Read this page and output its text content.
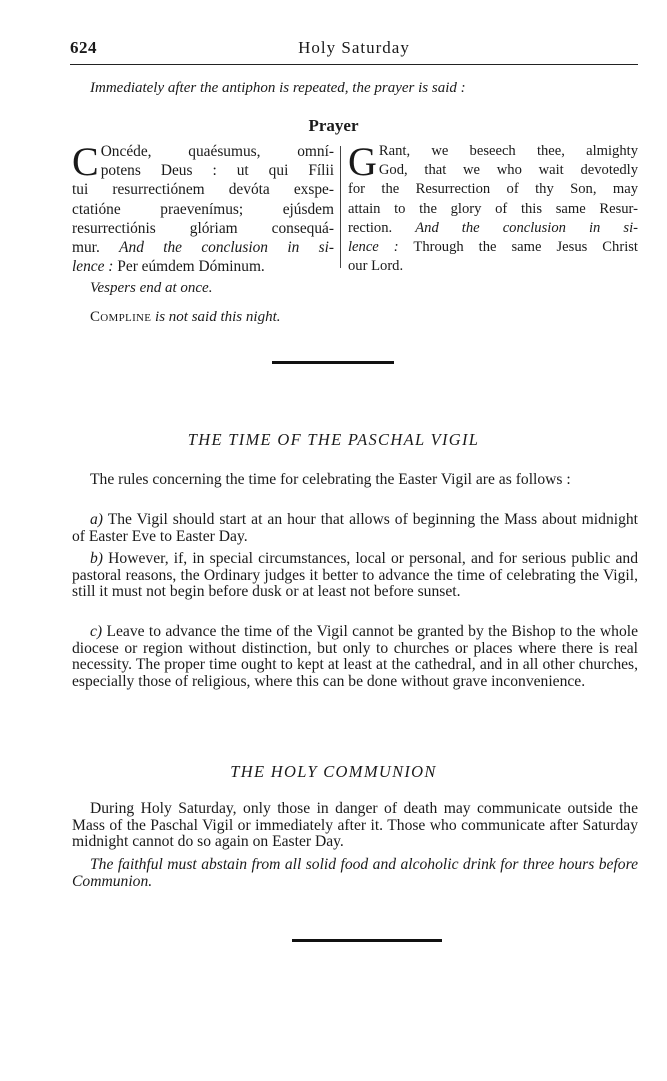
624	Holy Saturday
Immediately after the antiphon is repeated, the prayer is said :
Prayer
C Oncéde, quaésumus, omní-
potens Deus : ut qui Fílii
tui resurrectiónem devóta exspe-
ctatióne praevenímus; ejúsdem
resurrectiónis glóriam consequá-
mur. And the conclusion in si-
lence : Per eúmdem Dóminum.
G Rant, we beseech thee, almighty
God, that we who wait devotedly
for the Resurrection of thy Son, may
attain to the glory of this same Resur-
rection. And the conclusion in si-
lence : Through the same Jesus Christ
our Lord.
Vespers end at once.
Compline is not said this night.
THE TIME OF THE PASCHAL VIGIL
The rules concerning the time for celebrating the Easter Vigil are as follows :
a) The Vigil should start at an hour that allows of beginning the Mass about midnight of Easter Eve to Easter Day.
b) However, if, in special circumstances, local or personal, and for serious public and pastoral reasons, the Ordinary judges it better to advance the time of celebrating the Vigil, still it must not begin before dusk or at least not before sunset.
c) Leave to advance the time of the Vigil cannot be granted by the Bishop to the whole diocese or region without distinction, but only to churches or places where there is real necessity. The proper time ought to kept at least at the cathedral, and in all other churches, especially those of religious, where this can be done without grave inconvenience.
THE HOLY COMMUNION
During Holy Saturday, only those in danger of death may communicate outside the Mass of the Paschal Vigil or immediately after it. Those who communicate after Saturday midnight cannot do so again on Easter Day.
The faithful must abstain from all solid food and alcoholic drink for three hours before Communion.
